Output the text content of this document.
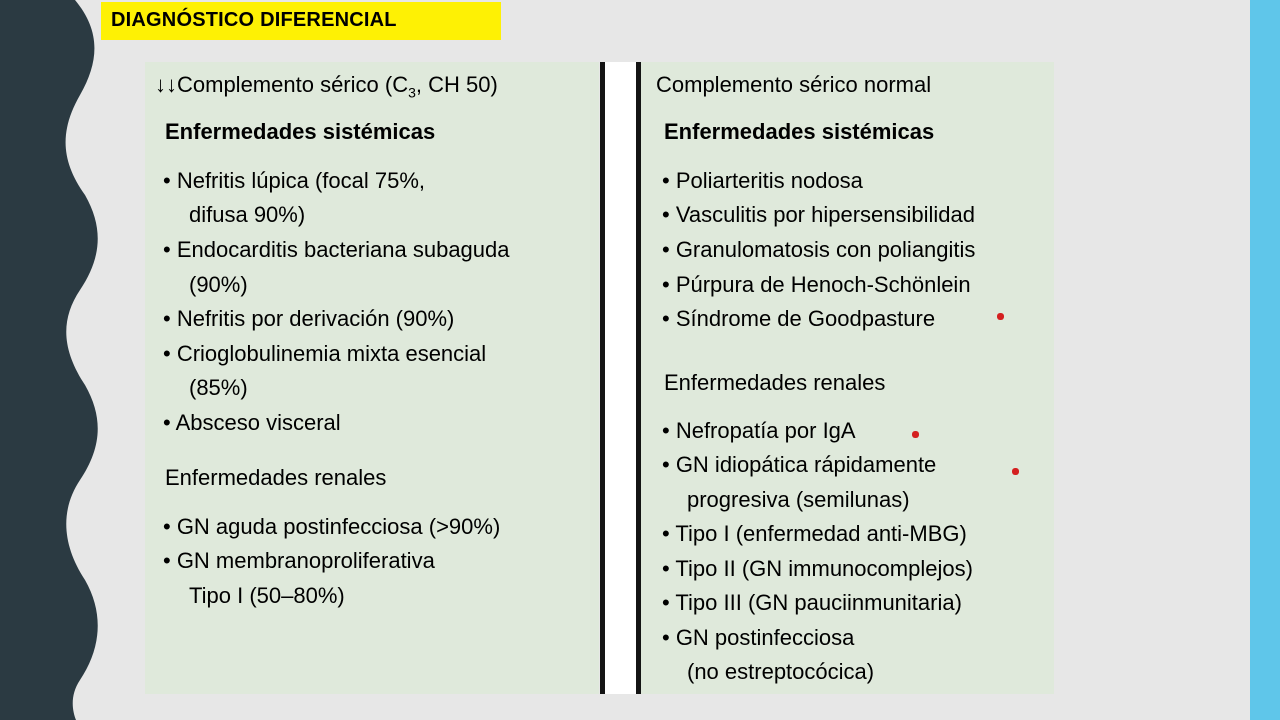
DIAGNÓSTICO DIFERENCIAL
↓↓Complemento sérico ($C_3$, CH 50)
Enfermedades sistémicas
• Nefritis lúpica (focal 75%,
difusa 90%)
• Endocarditis bacteriana subaguda
(90%)
• Nefritis por derivación (90%)
• Crioglobulinemia mixta esencial
(85%)
• Absceso visceral
Enfermedades renales
• GN aguda postinfecciosa (>90%)
• GN membranoproliferativa
Tipo I (50–80%)
Complemento sérico normal
Enfermedades sistémicas
• Poliarteritis nodosa
• Vasculitis por hipersensibilidad
• Granulomatosis con poliangitis
• Púrpura de Henoch-Schönlein
• Síndrome de Goodpasture
Enfermedades renales
• Nefropatía por IgA
• GN idiopática rápidamente
progresiva (semilunas)
• Tipo I (enfermedad anti-MBG)
• Tipo II (GN immunocomplejos)
• Tipo III (GN pauciinmunitaria)
• GN postinfecciosa
(no estreptocócica)
